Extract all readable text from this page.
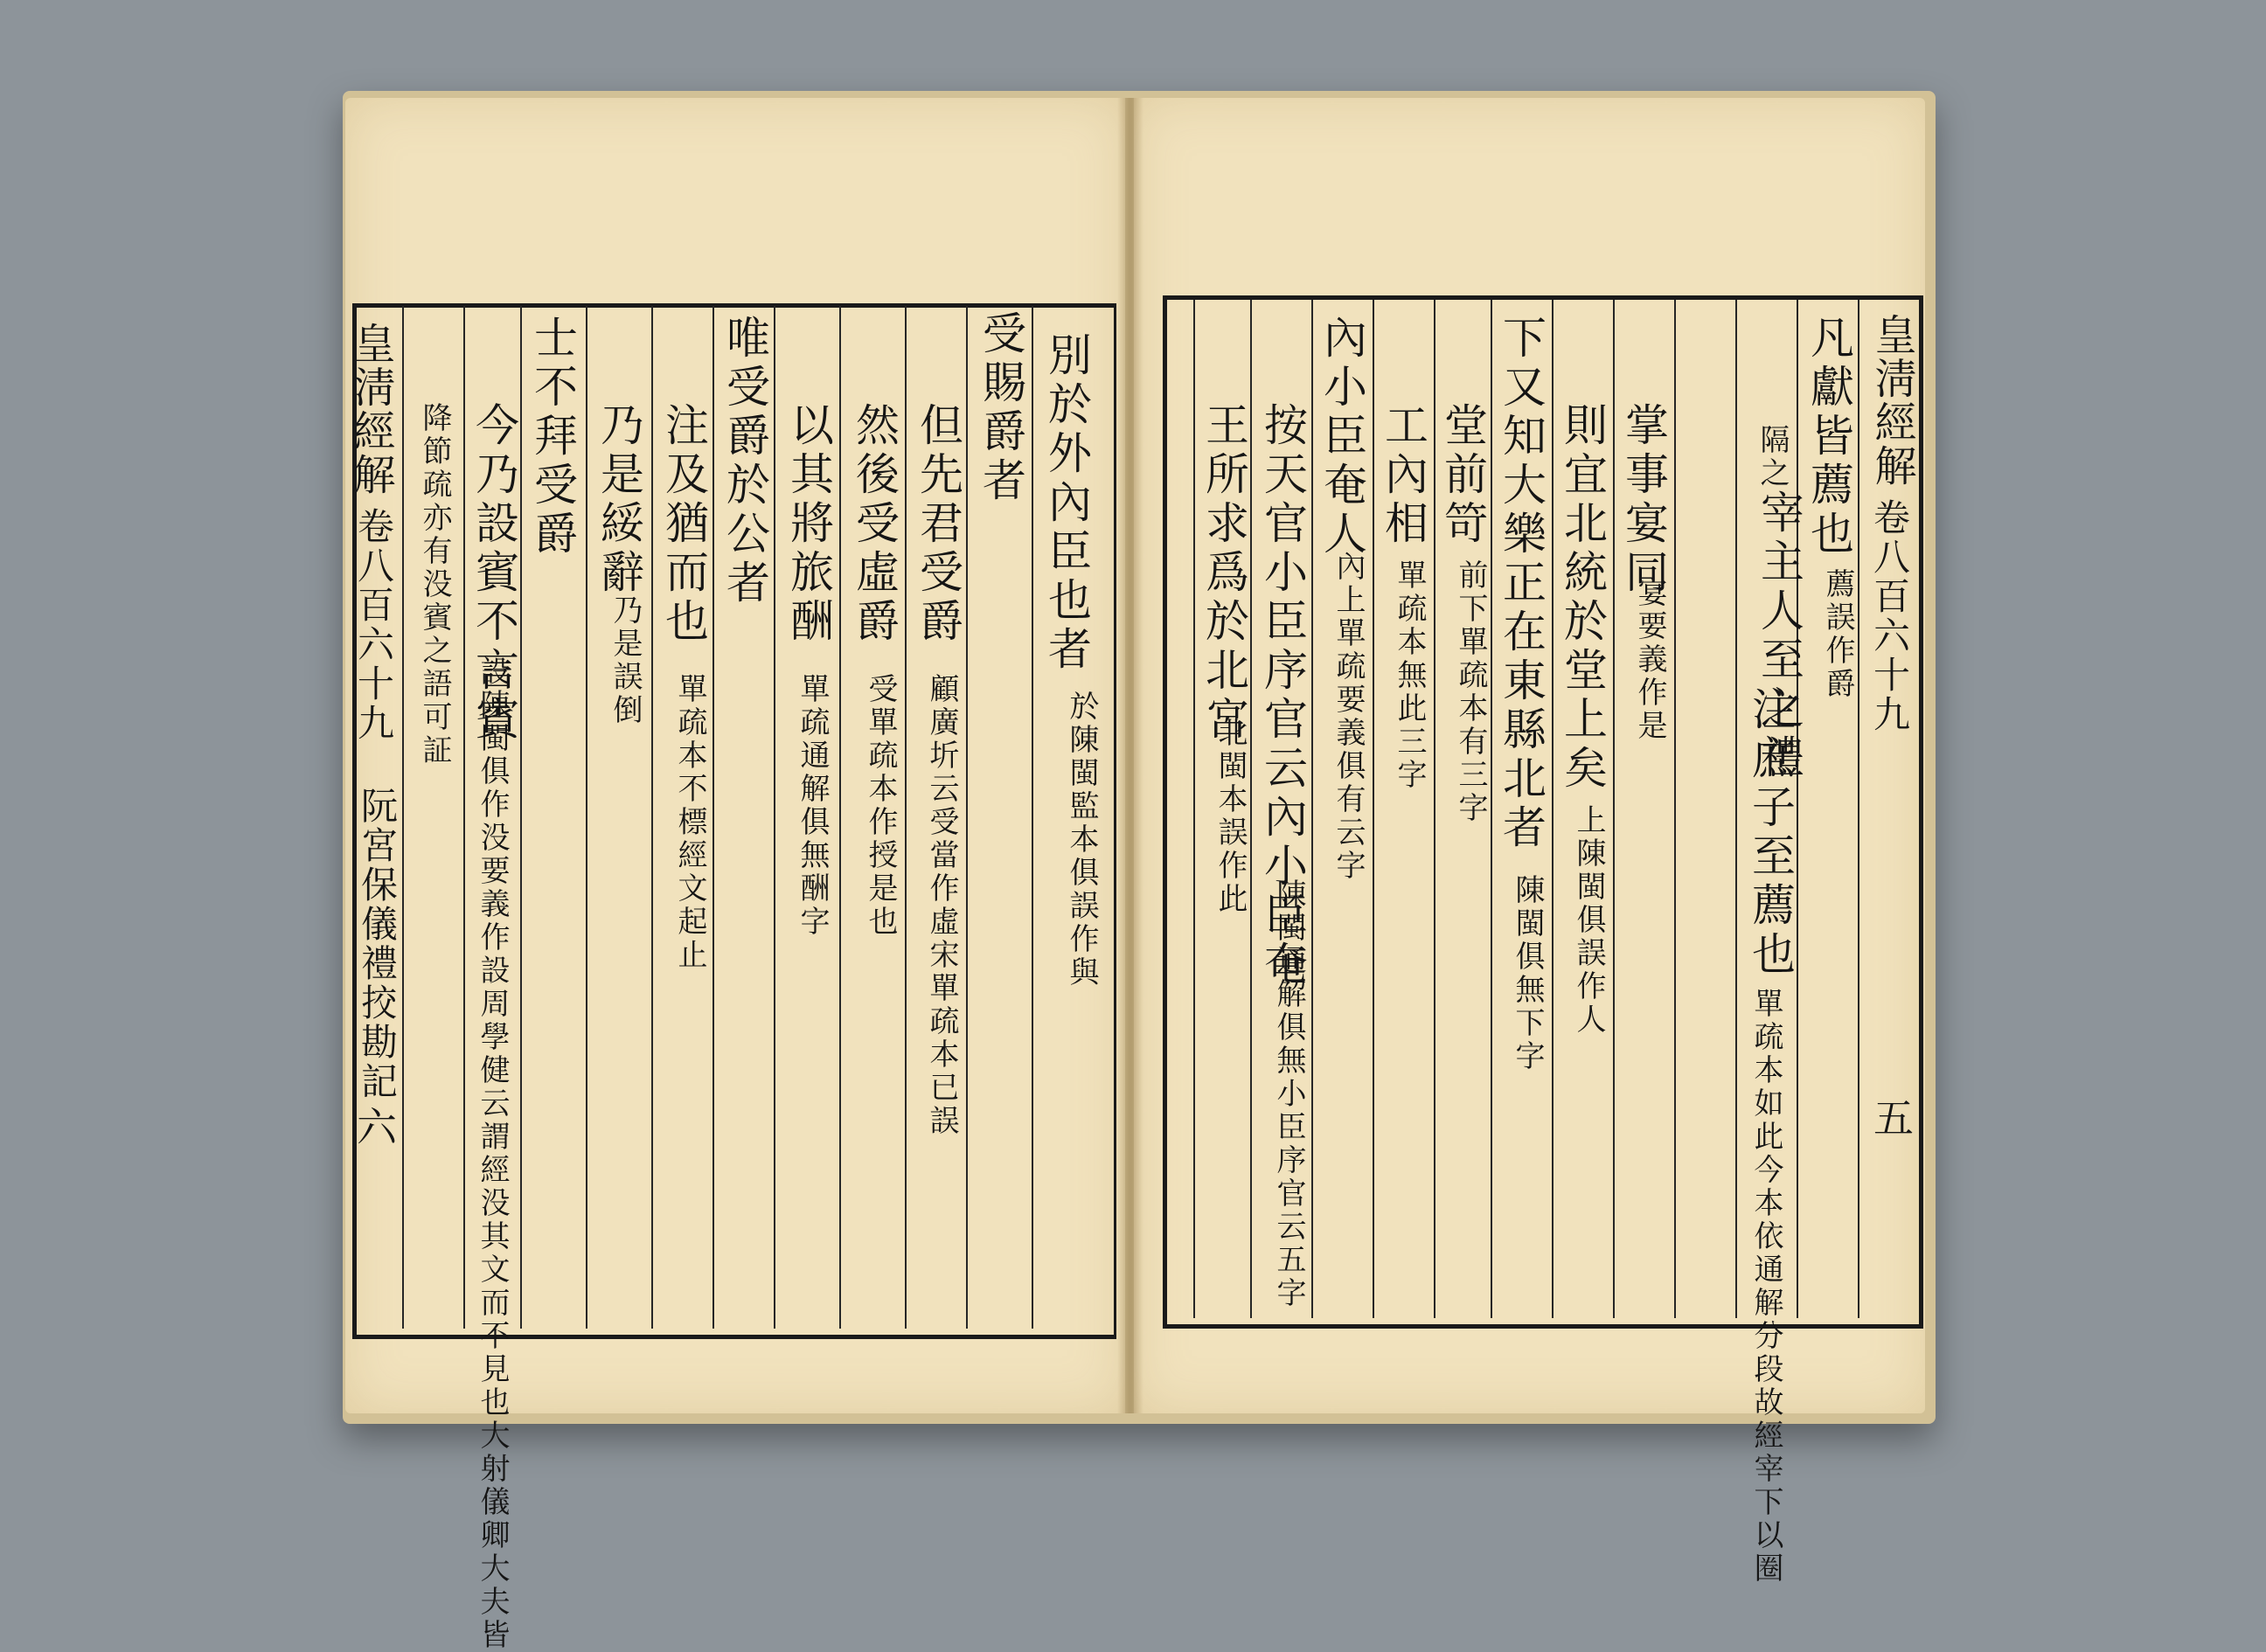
皇淸經解
卷八百六十九
阮宮保儀禮挍勘記
六
別於外內臣也者
於陳閩監本俱誤作與
受賜爵者
但先君受爵
顧廣圻云受當作虛宋單疏本已誤
然後受虛爵
受單疏本作授是也
以其將旅酬
單疏通解俱無酬字
唯受爵於公者
注及猶而也
單疏本不標經文起止
乃是綏辭
乃是誤倒
士不拜受爵
今乃設賓不言賓
設陳閩俱作没要義作設周學健云謂經没其文而不見也大射儀卿大夫皆
降節疏亦有没賓之語可証
皇淸經解
卷八百六十九
五
凡獻皆薦也
薦誤作爵
隔之
宰主人至之禮
注庶子至薦也
單疏本如此今本依通解分段故經宰下以圈
掌事宴同
宴要義作是
則宜北統於堂上矣
上陳閩俱誤作人
下又知大樂正在東縣北者
陳閩俱無下字
堂前笴
前下單疏本有三字
工內相
單疏本無此三字
內小臣奄人
內上單疏要義俱有云字
按天官小臣序官云內小臣奄
陳閩通解俱無小臣序官云五字
王所求爲於北宮
北閩本誤作此
